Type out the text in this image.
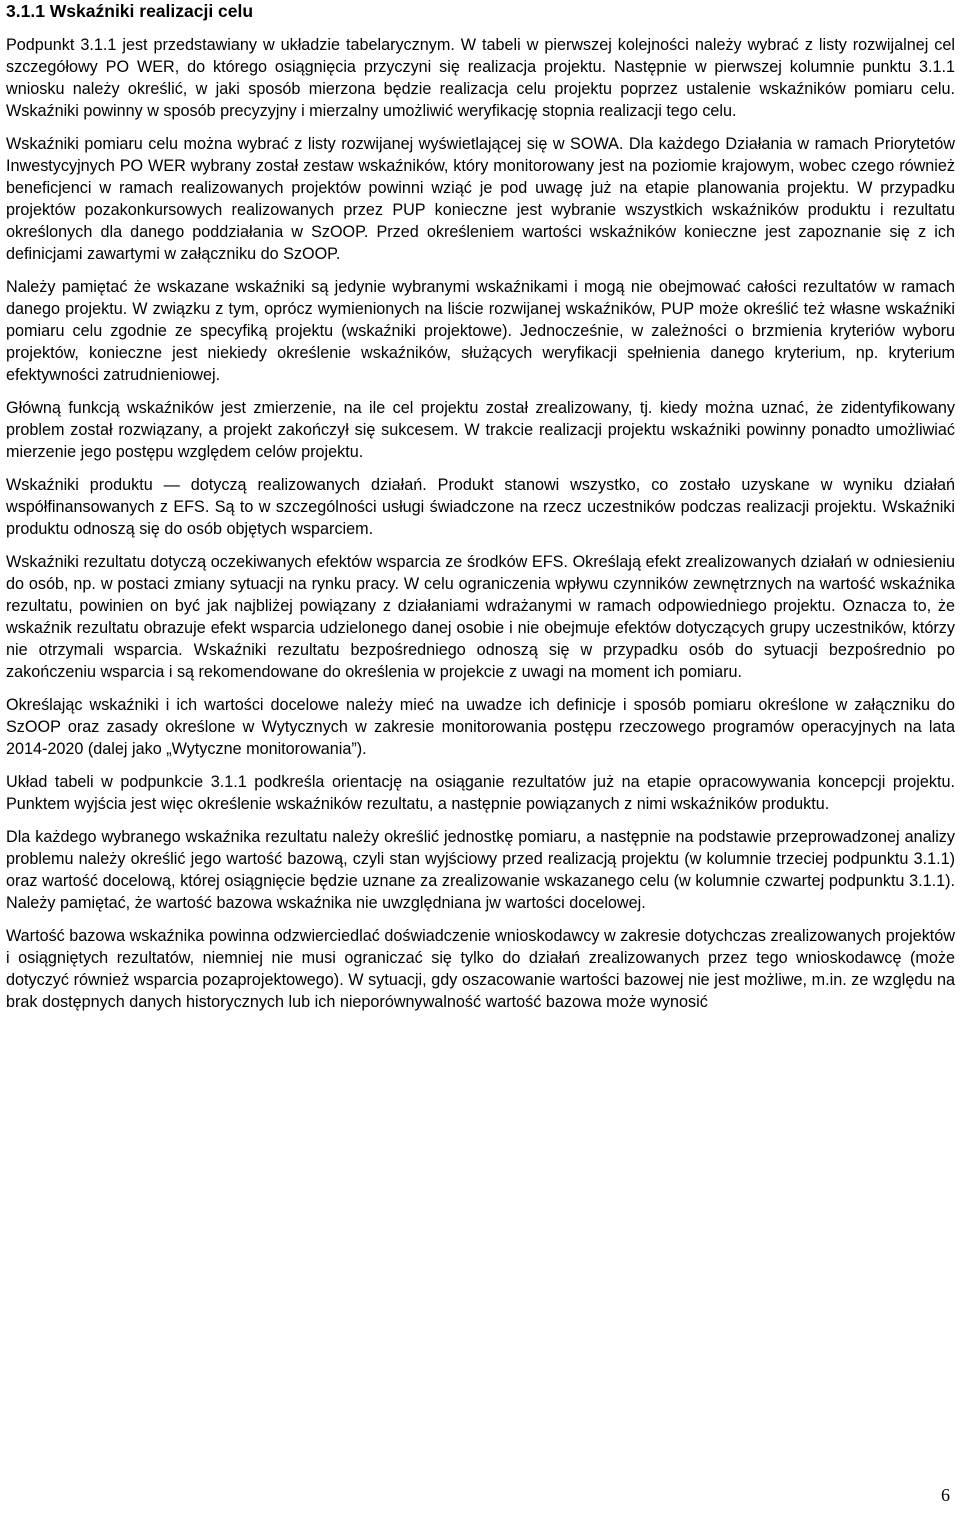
3.1.1 Wskaźniki realizacji celu

Podpunkt 3.1.1 jest przedstawiany w układzie tabelarycznym. W tabeli w pierwszej kolejności należy wybrać z listy rozwijalnej cel szczegółowy PO WER, do którego osiągnięcia przyczyni się realizacja projektu. Następnie w pierwszej kolumnie punktu 3.1.1 wniosku należy określić, w jaki sposób mierzona będzie realizacja celu projektu poprzez ustalenie wskaźników pomiaru celu. Wskaźniki powinny w sposób precyzyjny i mierzalny umożliwić weryfikację stopnia realizacji tego celu.

Wskaźniki pomiaru celu można wybrać z listy rozwijanej wyświetlającej się w SOWA. Dla każdego Działania w ramach Priorytetów Inwestycyjnych PO WER wybrany został zestaw wskaźników, który monitorowany jest na poziomie krajowym, wobec czego również beneficjenci w ramach realizowanych projektów powinni wziąć je pod uwagę już na etapie planowania projektu. W przypadku projektów pozakonkursowych realizowanych przez PUP konieczne jest wybranie wszystkich wskaźników produktu i rezultatu określonych dla danego poddziałania w SzOOP. Przed określeniem wartości wskaźników konieczne jest zapoznanie się z ich definicjami zawartymi w załączniku do SzOOP.

Należy pamiętać że wskazane wskaźniki są jedynie wybranymi wskaźnikami i mogą nie obejmować całości rezultatów w ramach danego projektu. W związku z tym, oprócz wymienionych na liście rozwijanej wskaźników, PUP może określić też własne wskaźniki pomiaru celu zgodnie ze specyfiką projektu (wskaźniki projektowe). Jednocześnie, w zależności o brzmienia kryteriów wyboru projektów, konieczne jest niekiedy określenie wskaźników, służących weryfikacji spełnienia danego kryterium, np. kryterium efektywności zatrudnieniowej.

Główną funkcją wskaźników jest zmierzenie, na ile cel projektu został zrealizowany, tj. kiedy można uznać, że zidentyfikowany problem został rozwiązany, a projekt zakończył się sukcesem. W trakcie realizacji projektu wskaźniki powinny ponadto umożliwiać mierzenie jego postępu względem celów projektu.

Wskaźniki produktu — dotyczą realizowanych działań. Produkt stanowi wszystko, co zostało uzyskane w wyniku działań współfinansowanych z EFS. Są to w szczególności usługi świadczone na rzecz uczestników podczas realizacji projektu. Wskaźniki produktu odnoszą się do osób objętych wsparciem.

Wskaźniki rezultatu dotyczą oczekiwanych efektów wsparcia ze środków EFS. Określają efekt zrealizowanych działań w odniesieniu do osób, np. w postaci zmiany sytuacji na rynku pracy. W celu ograniczenia wpływu czynników zewnętrznych na wartość wskaźnika rezultatu, powinien on być jak najbliżej powiązany z działaniami wdrażanymi w ramach odpowiedniego projektu. Oznacza to, że wskaźnik rezultatu obrazuje efekt wsparcia udzielonego danej osobie i nie obejmuje efektów dotyczących grupy uczestników, którzy nie otrzymali wsparcia. Wskaźniki rezultatu bezpośredniego odnoszą się w przypadku osób do sytuacji bezpośrednio po zakończeniu wsparcia i są rekomendowane do określenia w projekcie z uwagi na moment ich pomiaru.

Określając wskaźniki i ich wartości docelowe należy mieć na uwadze ich definicje i sposób pomiaru określone w załączniku do SzOOP oraz zasady określone w Wytycznych w zakresie monitorowania postępu rzeczowego programów operacyjnych na lata 2014-2020 (dalej jako „Wytyczne monitorowania”).

Układ tabeli w podpunkcie 3.1.1 podkreśla orientację na osiąganie rezultatów już na etapie opracowywania koncepcji projektu. Punktem wyjścia jest więc określenie wskaźników rezultatu, a następnie powiązanych z nimi wskaźników produktu.

Dla każdego wybranego wskaźnika rezultatu należy określić jednostkę pomiaru, a następnie na podstawie przeprowadzonej analizy problemu należy określić jego wartość bazową, czyli stan wyjściowy przed realizacją projektu (w kolumnie trzeciej podpunktu 3.1.1) oraz wartość docelową, której osiągnięcie będzie uznane za zrealizowanie wskazanego celu (w kolumnie czwartej podpunktu 3.1.1). Należy pamiętać, że wartość bazowa wskaźnika nie uwzględniana jw wartości docelowej.

Wartość bazowa wskaźnika powinna odzwierciedlać doświadczenie wnioskodawcy w zakresie dotychczas zrealizowanych projektów i osiągniętych rezultatów, niemniej nie musi ograniczać się tylko do działań zrealizowanych przez tego wnioskodawcę (może dotyczyć również wsparcia pozaprojektowego). W sytuacji, gdy oszacowanie wartości bazowej nie jest możliwe, m.in. ze względu na brak dostępnych danych historycznych lub ich nieporównywalność wartość bazowa może wynosić

6
